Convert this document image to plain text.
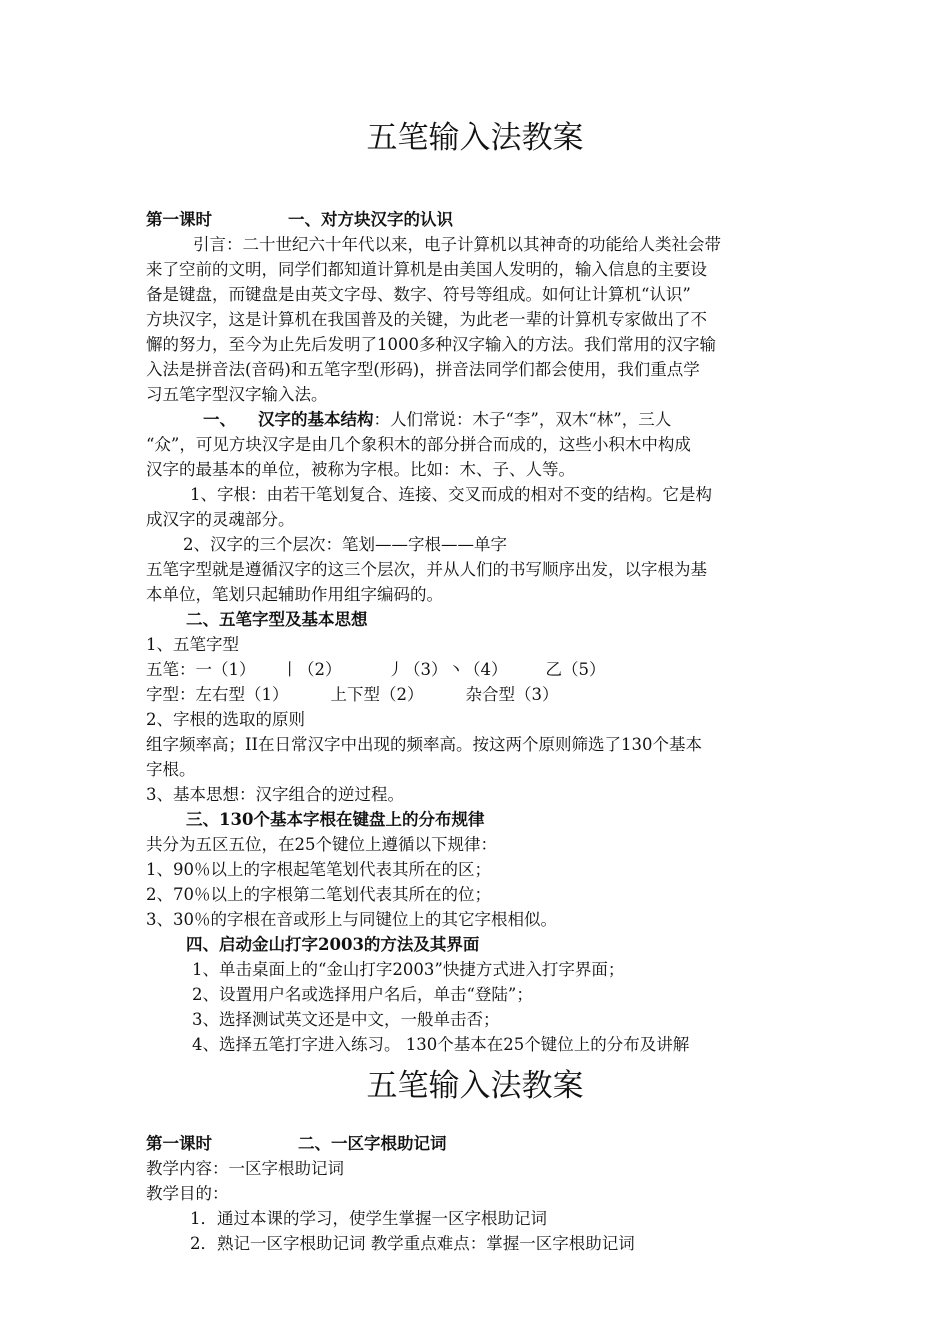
五笔输入法教案
第一课时	一、对方块汉字的认识
引言：二十世纪六十年代以来，电子计算机以其神奇的功能给人类社会带
来了空前的文明，同学们都知道计算机是由美国人发明的，输入信息的主要设
备是键盘，而键盘是由英文字母、数字、符号等组成。如何让计算机“认识”
方块汉字，这是计算机在我国普及的关键，为此老一辈的计算机专家做出了不
懈的努力，至今为止先后发明了1000多种汉字输入的方法。我们常用的汉字输
入法是拼音法(音码)和五笔字型(形码)，拼音法同学们都会使用，我们重点学
习五笔字型汉字输入法。
一、 汉字的基本结构：人们常说：木子“李”，双木“林”，三人
“众”，可见方块汉字是由几个象积木的部分拼合而成的，这些小积木中构成
汉字的最基本的单位，被称为字根。比如：木、子、人等。
1、字根：由若干笔划复合、连接、交叉而成的相对不变的结构。它是构
成汉字的灵魂部分。
2、汉字的三个层次：笔划——字根——单字
五笔字型就是遵循汉字的这三个层次，并从人们的书写顺序出发，以字根为基
本单位，笔划只起辅助作用组字编码的。
二、五笔字型及基本思想
1、五笔字型
五笔：一（1） 丨（2）	丿（3）丶（4） 乙（5）
字型：左右型（1）	上下型（2）	杂合型（3）
2、字根的选取的原则
组字频率高；II在日常汉字中出现的频率高。按这两个原则筛选了130个基本
字根。
3、基本思想：汉字组合的逆过程。
三、130个基本字根在键盘上的分布规律
共分为五区五位，在25个键位上遵循以下规律：
1、90％以上的字根起笔笔划代表其所在的区；
2、70％以上的字根第二笔划代表其所在的位；
3、30％的字根在音或形上与同键位上的其它字根相似。
四、启动金山打字2003的方法及其界面
1、单击桌面上的“金山打字2003”快捷方式进入打字界面；
2、设置用户名或选择用户名后，单击“登陆”；
3、选择测试英文还是中文，一般单击否；
4、选择五笔打字进入练习。 130个基本在25个键位上的分布及讲解
五笔输入法教案
第一课时	二、一区字根助记词
教学内容：一区字根助记词
教学目的：
1．通过本课的学习，使学生掌握一区字根助记词
2．熟记一区字根助记词 教学重点难点：掌握一区字根助记词
